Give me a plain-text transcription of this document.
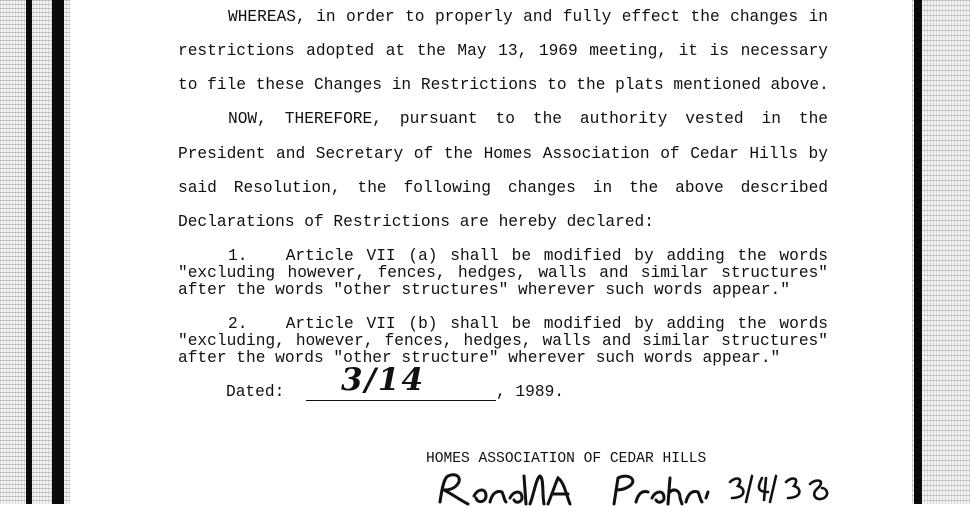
WHEREAS, in order to properly and fully effect the changes in
restrictions adopted at the May 13, 1969 meeting, it is necessary
to file these Changes in Restrictions to the plats mentioned above.
NOW, THEREFORE, pursuant to the authority vested in the
President and Secretary of the Homes Association of Cedar Hills by
said Resolution, the following changes in the above described
Declarations of Restrictions are hereby declared:
1.   Article VII (a) shall be modified by adding the words
"excluding however, fences, hedges, walls and similar structures"
after the words "other structures" wherever such words appear."
2.   Article VII (b) shall be modified by adding the words
"excluding, however, fences, hedges, walls and similar structures"
after the words "other structure" wherever such words appear."
Dated: 3/14	, 1989.
HOMES ASSOCIATION OF CEDAR HILLS
